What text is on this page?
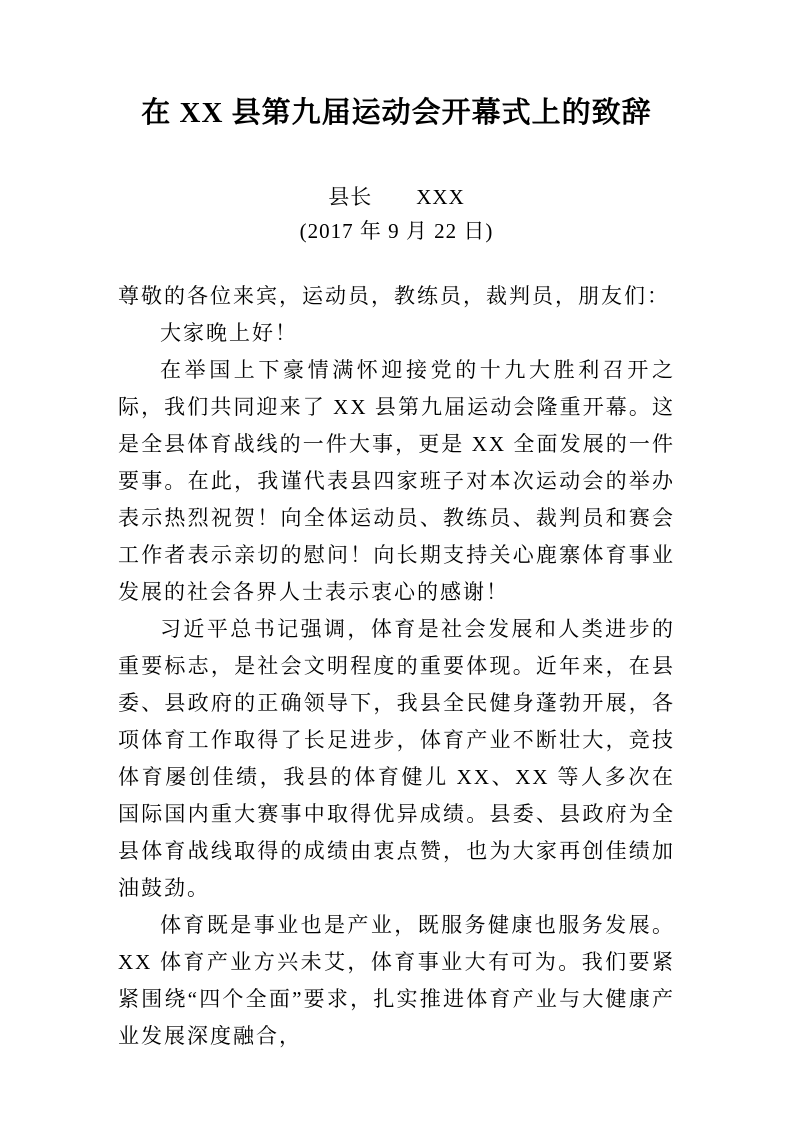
在 XX 县第九届运动会开幕式上的致辞

县长　　XXX

(2017 年 9 月 22 日)

尊敬的各位来宾，运动员，教练员，裁判员，朋友们：

大家晚上好！

在举国上下豪情满怀迎接党的十九大胜利召开之际，我们共同迎来了 XX 县第九届运动会隆重开幕。这是全县体育战线的一件大事，更是 XX 全面发展的一件要事。在此，我谨代表县四家班子对本次运动会的举办表示热烈祝贺！向全体运动员、教练员、裁判员和赛会工作者表示亲切的慰问！向长期支持关心鹿寨体育事业发展的社会各界人士表示衷心的感谢！

习近平总书记强调，体育是社会发展和人类进步的重要标志，是社会文明程度的重要体现。近年来，在县委、县政府的正确领导下，我县全民健身蓬勃开展，各项体育工作取得了长足进步，体育产业不断壮大，竞技体育屡创佳绩，我县的体育健儿 XX、XX 等人多次在国际国内重大赛事中取得优异成绩。县委、县政府为全县体育战线取得的成绩由衷点赞，也为大家再创佳绩加油鼓劲。

体育既是事业也是产业，既服务健康也服务发展。XX 体育产业方兴未艾，体育事业大有可为。我们要紧紧围绕“四个全面”要求，扎实推进体育产业与大健康产业发展深度融合，
